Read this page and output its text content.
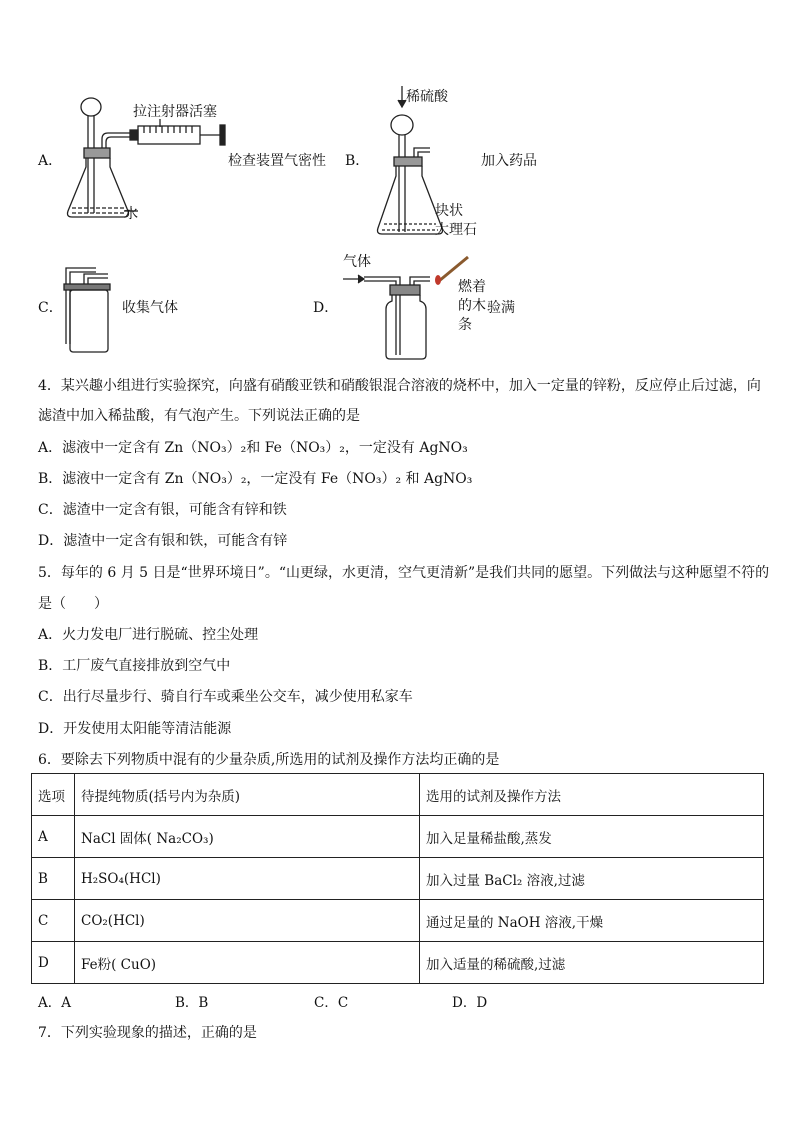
A．
拉注射器活塞
水
检查装置气密性 B．
稀硫酸
加入药品
块状
大理石
C．	收集气体	D．
气体
燃着
的木
条
验满
4．某兴趣小组进行实验探究，向盛有硝酸亚铁和硝酸银混合溶液的烧杯中，加入一定量的锌粉，反应停止后过滤，向
滤渣中加入稀盐酸，有气泡产生。下列说法正确的是
A．滤液中一定含有 Zn（NO₃）₂和 Fe（NO₃）₂，一定没有 AgNO₃
B．滤液中一定含有 Zn（NO₃）₂，一定没有 Fe（NO₃）₂ 和 AgNO₃
C．滤渣中一定含有银，可能含有锌和铁
D．滤渣中一定含有银和铁，可能含有锌
5．每年的 6 月 5 日是“世界环境日”。“山更绿，水更清，空气更清新”是我们共同的愿望。下列做法与这种愿望不符的
是（　　）
A．火力发电厂进行脱硫、控尘处理
B．工厂废气直接排放到空气中
C．出行尽量步行、骑自行车或乘坐公交车，减少使用私家车
D．开发使用太阳能等清洁能源
6．要除去下列物质中混有的少量杂质,所选用的试剂及操作方法均正确的是
选项	待提纯物质(括号内为杂质)	选用的试剂及操作方法
A	NaCl 固体( Na₂CO₃)	加入足量稀盐酸,蒸发
B	H₂SO₄(HCl)	加入过量 BaCl₂ 溶液,过滤
C	CO₂(HCl)	通过足量的 NaOH 溶液,干燥
D	Fe粉( CuO)	加入适量的稀硫酸,过滤
A．A	B．B	C．C	D．D
7．下列实验现象的描述，正确的是
